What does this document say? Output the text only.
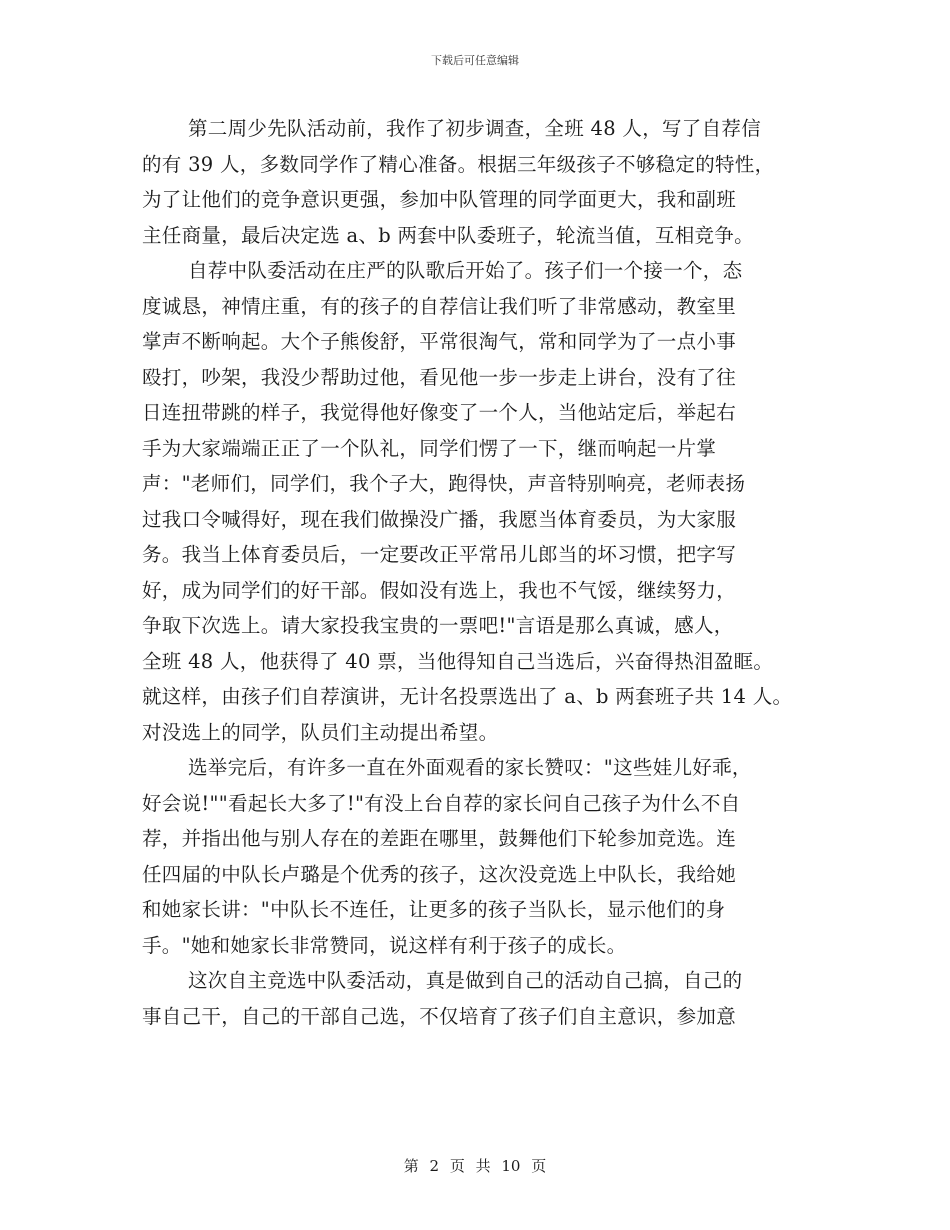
下载后可任意编辑
第二周少先队活动前，我作了初步调查，全班 48 人，写了自荐信
的有 39 人，多数同学作了精心准备。根据三年级孩子不够稳定的特性，
为了让他们的竞争意识更强，参加中队管理的同学面更大，我和副班
主任商量，最后决定选 a、b 两套中队委班子，轮流当值，互相竞争。
自荐中队委活动在庄严的队歌后开始了。孩子们一个接一个，态
度诚恳，神情庄重，有的孩子的自荐信让我们听了非常感动，教室里
掌声不断响起。大个子熊俊舒，平常很淘气，常和同学为了一点小事
殴打，吵架，我没少帮助过他，看见他一步一步走上讲台，没有了往
日连扭带跳的样子，我觉得他好像变了一个人，当他站定后，举起右
手为大家端端正正了一个队礼，同学们愣了一下，继而响起一片掌
声："老师们，同学们，我个子大，跑得快，声音特别响亮，老师表扬
过我口令喊得好，现在我们做操没广播，我愿当体育委员，为大家服
务。我当上体育委员后，一定要改正平常吊儿郎当的坏习惯，把字写
好，成为同学们的好干部。假如没有选上，我也不气馁，继续努力，
争取下次选上。请大家投我宝贵的一票吧!"言语是那么真诚，感人，
全班 48 人，他获得了 40 票，当他得知自己当选后，兴奋得热泪盈眶。
就这样，由孩子们自荐演讲，无计名投票选出了 a、b 两套班子共 14 人。
对没选上的同学，队员们主动提出希望。
选举完后，有许多一直在外面观看的家长赞叹："这些娃儿好乖，
好会说!""看起长大多了!"有没上台自荐的家长问自己孩子为什么不自
荐，并指出他与别人存在的差距在哪里，鼓舞他们下轮参加竞选。连
任四届的中队长卢璐是个优秀的孩子，这次没竞选上中队长，我给她
和她家长讲："中队长不连任，让更多的孩子当队长，显示他们的身
手。"她和她家长非常赞同，说这样有利于孩子的成长。
这次自主竞选中队委活动，真是做到自己的活动自己搞，自己的
事自己干，自己的干部自己选，不仅培育了孩子们自主意识，参加意
第 2 页 共 10 页
